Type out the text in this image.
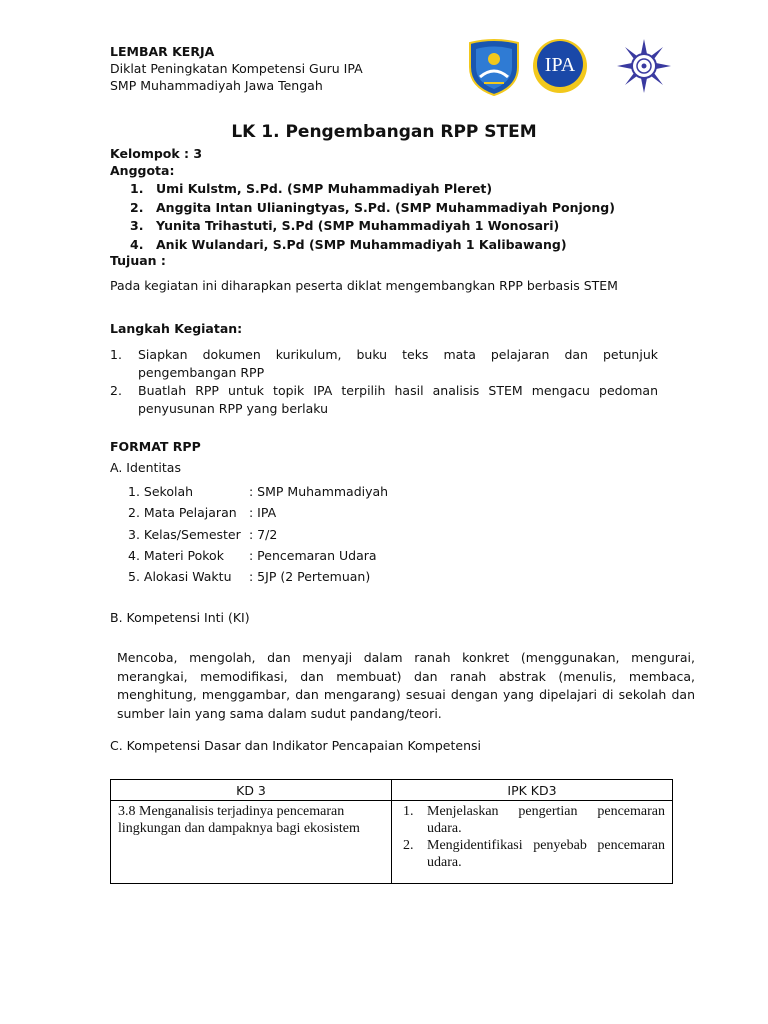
LEMBAR KERJA
Diklat Peningkatan Kompetensi Guru IPA
SMP Muhammadiyah Jawa Tengah
IPA
LK 1. Pengembangan RPP STEM
Kelompok : 3
Anggota:
1.	Umi Kulstm, S.Pd. (SMP Muhammadiyah Pleret)
2.	Anggita Intan Ulianingtyas, S.Pd. (SMP Muhammadiyah Ponjong)
3.	Yunita Trihastuti, S.Pd (SMP Muhammadiyah 1 Wonosari)
4.	Anik Wulandari, S.Pd (SMP Muhammadiyah 1 Kalibawang)
Tujuan :
Pada kegiatan ini diharapkan peserta diklat mengembangkan RPP berbasis STEM
Langkah Kegiatan:
1.	Siapkan dokumen kurikulum, buku teks mata pelajaran dan petunjuk pengembangan RPP
2.	Buatlah RPP untuk topik IPA terpilih hasil analisis STEM mengacu pedoman penyusunan RPP yang berlaku
FORMAT RPP
A. Identitas
1. Sekolah	: SMP Muhammadiyah
2. Mata Pelajaran : IPA
3. Kelas/Semester : 7/2
4. Materi Pokok	: Pencemaran Udara
5. Alokasi Waktu	: 5JP (2 Pertemuan)
B. Kompetensi Inti (KI)
Mencoba, mengolah, dan menyaji dalam ranah konkret (menggunakan, mengurai, merangkai, memodifikasi, dan membuat) dan ranah abstrak (menulis, membaca, menghitung, menggambar, dan mengarang) sesuai dengan yang dipelajari di sekolah dan sumber lain yang sama dalam sudut pandang/teori.
C. Kompetensi Dasar dan Indikator Pencapaian Kompetensi
KD 3	IPK KD3

3.8 Menganalisis terjadinya pencemaran lingkungan dan dampaknya bagi ekosistem	1. Menjelaskan pengertian pencemaran udara.
2. Mengidentifikasi penyebab pencemaran udara.
